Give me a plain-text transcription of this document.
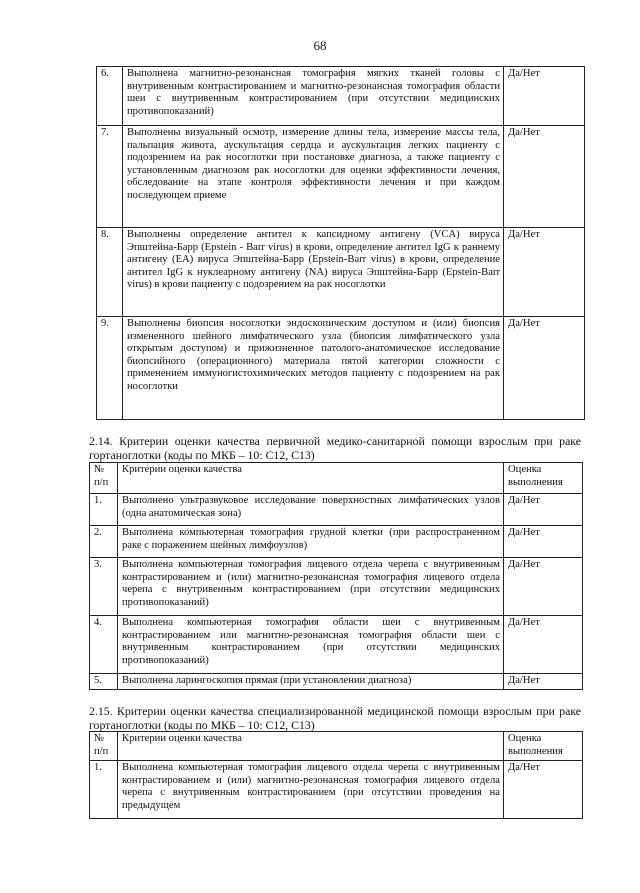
68
6.	Выполнена магнитно-резонансная томография мягких тканей головы с внутривенным контрастированием и магнитно-резонансная томография области шеи с внутривенным контрастированием (при отсутствии медицинских противопоказаний)	Да/Нет
7.	Выполнены визуальный осмотр, измерение длины тела, измерение массы тела, пальпация живота, аускультация сердца и аускультация легких пациенту с подозрением на рак носоглотки при постановке диагноза, а также пациенту с установленным диагнозом рак носоглотки для оценки эффективности лечения, обследование на этапе контроля эффективности лечения и при каждом последующем приеме	Да/Нет
8.	Выполнены определение антител к капсидному антигену (VCA) вируса Эпштейна-Барр (Epstein - Barr virus) в крови, определение антител IgG к раннему антигену (EA) вируса Эпштейна-Барр (Epstein-Barr virus) в крови, определение антител IgG к нуклеарному антигену (NA) вируса Эпштейна-Барр (Epstein-Barr virus) в крови пациенту с подозрением на рак носоглотки	Да/Нет
9.	Выполнены биопсия носоглотки эндоскопическим доступом и (или) биопсия измененного шейного лимфатического узла (биопсия лимфатического узла открытым доступом) и прижизненное патолого-анатомическое исследование биопсийного (операционного) материала пятой категории сложности с применением иммуногистохимических методов пациенту с подозрением на рак носоглотки	Да/Нет
2.14. Критерии оценки качества первичной медико-санитарной помощи взрослым при раке гортаноглотки (коды по МКБ – 10: C12, C13)
№ п/п	Критерии оценки качества	Оценка выполнения
1.	Выполнено ультразвуковое исследование поверхностных лимфатических узлов (одна анатомическая зона)	Да/Нет
2.	Выполнена компьютерная томография грудной клетки (при распространенном раке с поражением шейных лимфоузлов)	Да/Нет
3.	Выполнена компьютерная томография лицевого отдела черепа с внутривенным контрастированием и (или) магнитно-резонансная томография лицевого отдела черепа с внутривенным контрастированием (при отсутствии медицинских противопоказаний)	Да/Нет
4.	Выполнена компьютерная томография области шеи с внутривенным контрастированием или магнитно-резонансная томография области шеи с внутривенным контрастированием (при отсутствии медицинских противопоказаний)	Да/Нет
5.	Выполнена ларингоскопия прямая (при установлении диагноза)	Да/Нет
2.15. Критерии оценки качества специализированной медицинской помощи взрослым при раке гортаноглотки (коды по МКБ – 10: C12, C13)
№ п/п	Критерии оценки качества	Оценка выполнения
1.	Выполнена компьютерная томография лицевого отдела черепа с внутривенным контрастированием и (или) магнитно-резонансная томография лицевого отдела черепа с внутривенным контрастированием (при отсутствии проведения на предыдущем	Да/Нет
